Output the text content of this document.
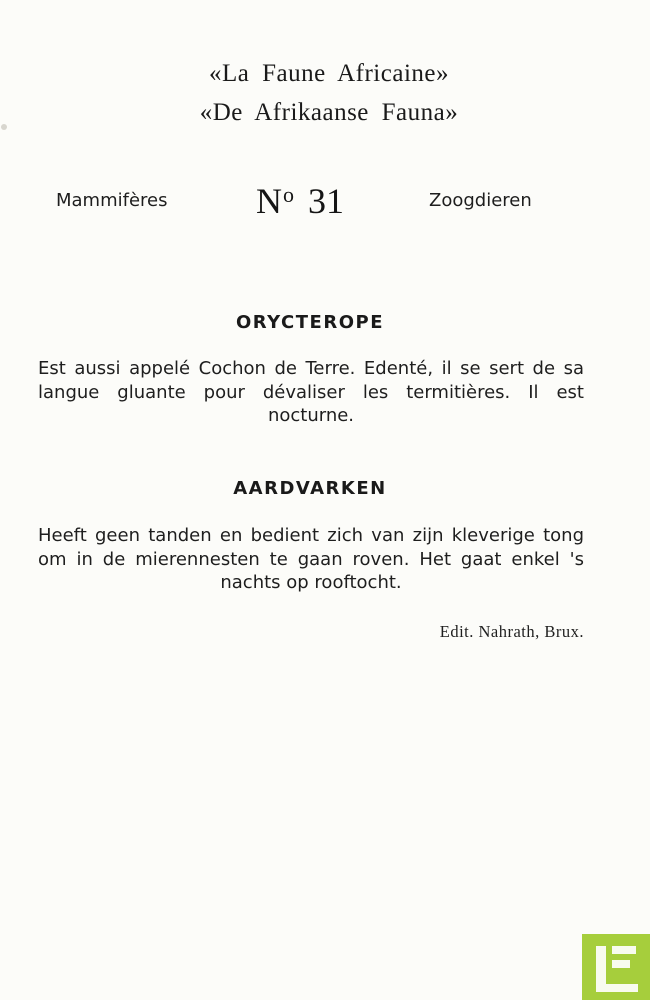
«La Faune Africaine»
«De Afrikaanse Fauna»
Mammifères $N^o$ 31	Zoogdieren
ORYCTEROPE
Est aussi appelé Cochon de Terre. Edenté, il se sert de sa langue gluante pour dévaliser les termitières. Il est nocturne.
AARDVARKEN
Heeft geen tanden en bedient zich van zijn kleverige tong om in de mierennesten te gaan roven. Het gaat enkel 's nachts op rooftocht.
Edit. Nahrath, Brux.
